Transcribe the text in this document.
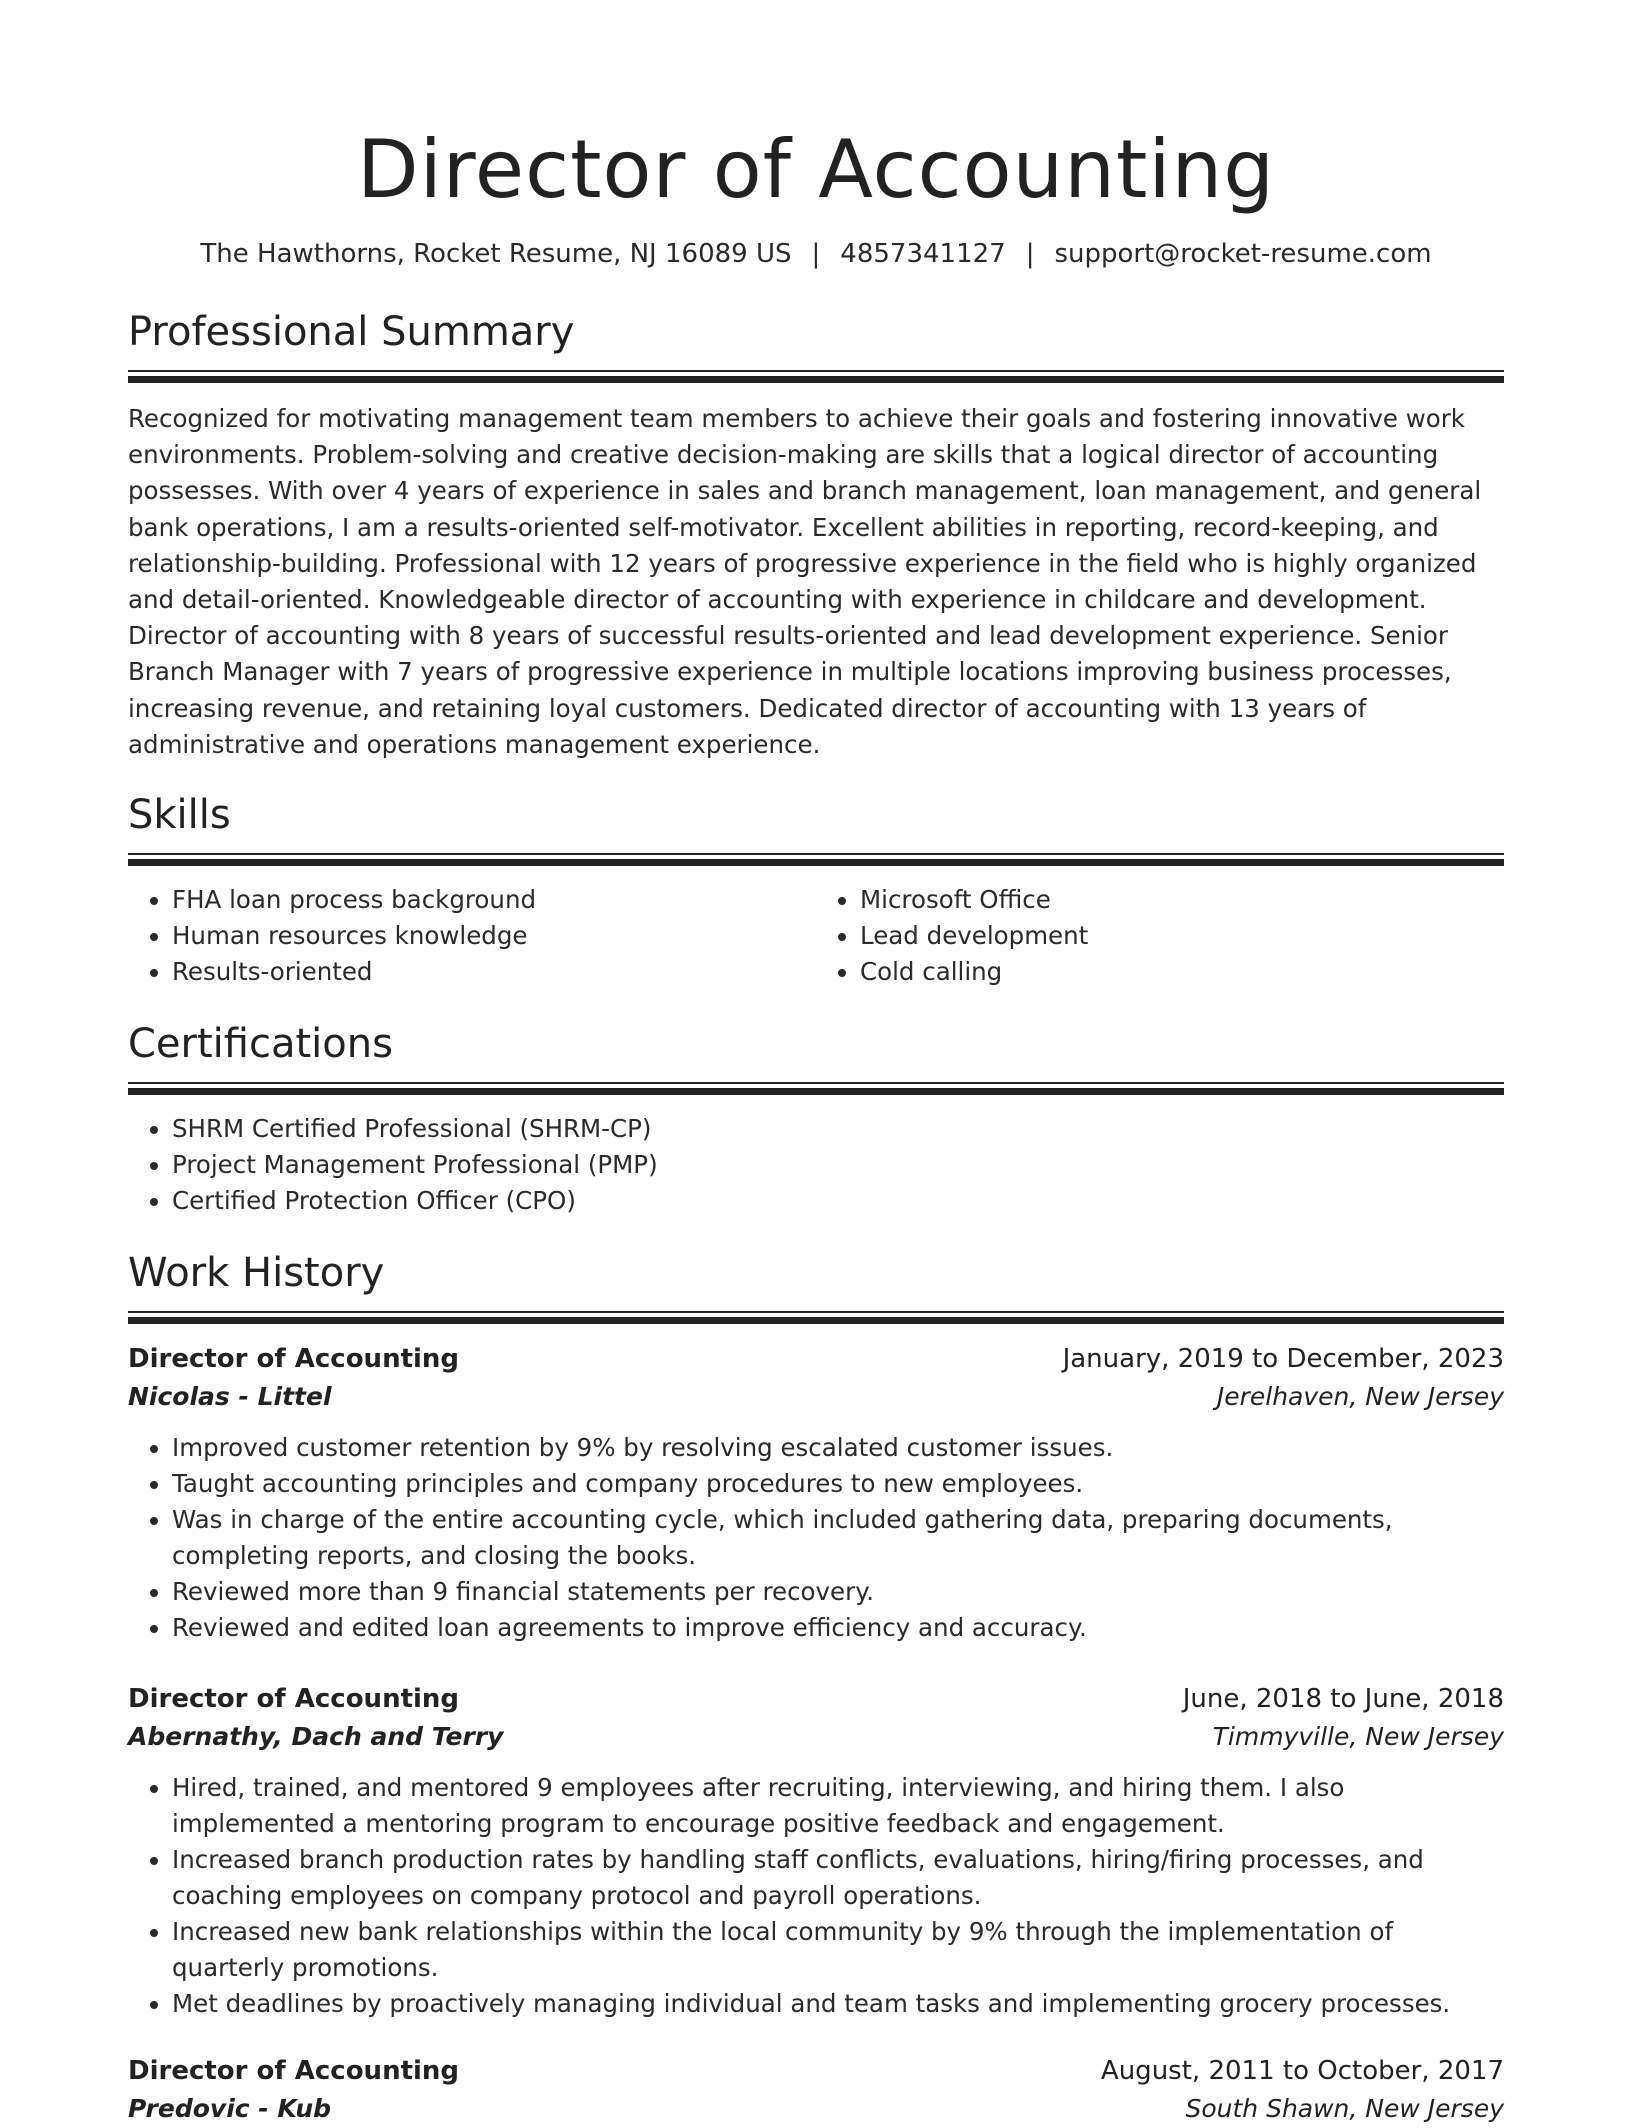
Director of Accounting
The Hawthorns, Rocket Resume, NJ 16089 US | 4857341127 | support@rocket-resume.com
Professional Summary

Recognized for motivating management team members to achieve their goals and fostering innovative work environments. Problem-solving and creative decision-making are skills that a logical director of accounting possesses. With over 4 years of experience in sales and branch management, loan management, and general bank operations, I am a results-oriented self-motivator. Excellent abilities in reporting, record-keeping, and relationship-building. Professional with 12 years of progressive experience in the field who is highly organized and detail-oriented. Knowledgeable director of accounting with experience in childcare and development. Director of accounting with 8 years of successful results-oriented and lead development experience. Senior Branch Manager with 7 years of progressive experience in multiple locations improving business processes, increasing revenue, and retaining loyal customers. Dedicated director of accounting with 13 years of administrative and operations management experience.

Skills
• FHA loan process background
• Human resources knowledge
• Results-oriented
• Microsoft Office
• Lead development
• Cold calling
Certifications
• SHRM Certified Professional (SHRM-CP)
• Project Management Professional (PMP)
• Certified Protection Officer (CPO)
Work History
Director of Accounting	January, 2019 to December, 2023
Nicolas - Littel	Jerelhaven, New Jersey
• Improved customer retention by 9% by resolving escalated customer issues.
• Taught accounting principles and company procedures to new employees.
• Was in charge of the entire accounting cycle, which included gathering data, preparing documents, completing reports, and closing the books.
• Reviewed more than 9 financial statements per recovery.
• Reviewed and edited loan agreements to improve efficiency and accuracy.
Director of Accounting	June, 2018 to June, 2018
Abernathy, Dach and Terry	Timmyville, New Jersey
• Hired, trained, and mentored 9 employees after recruiting, interviewing, and hiring them. I also implemented a mentoring program to encourage positive feedback and engagement.
• Increased branch production rates by handling staff conflicts, evaluations, hiring/firing processes, and coaching employees on company protocol and payroll operations.
• Increased new bank relationships within the local community by 9% through the implementation of quarterly promotions.
• Met deadlines by proactively managing individual and team tasks and implementing grocery processes.
Director of Accounting	August, 2011 to October, 2017
Predovic - Kub	South Shawn, New Jersey
